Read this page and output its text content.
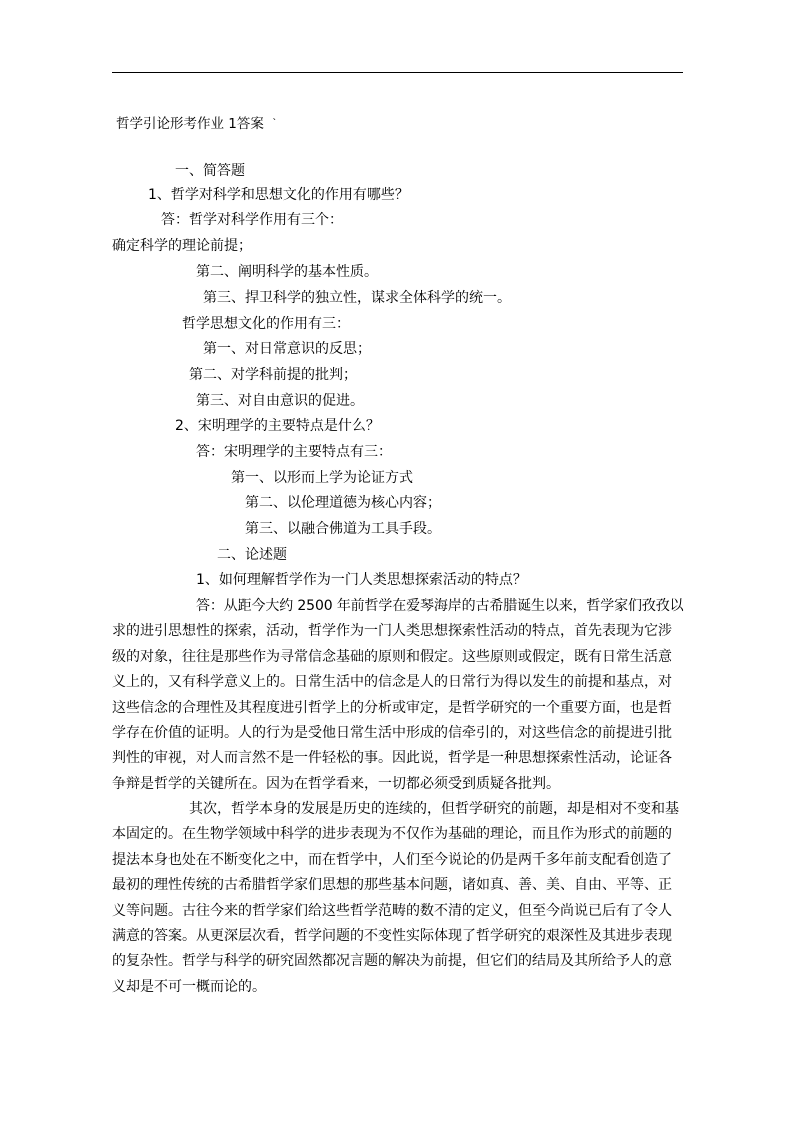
哲学引论形考作业 1答案 `
一、简答题
1、哲学对科学和思想文化的作用有哪些？
答：哲学对科学作用有三个：
确定科学的理论前提；
第二、阐明科学的基本性质。
第三、捍卫科学的独立性，谋求全体科学的统一。
哲学思想文化的作用有三：
第一、对日常意识的反思；
第二、对学科前提的批判；
第三、对自由意识的促进。
2、宋明理学的主要特点是什么？
答：宋明理学的主要特点有三：
第一、以形而上学为论证方式
第二、以伦理道德为核心内容；
第三、以融合佛道为工具手段。
二、论述题
1、如何理解哲学作为一门人类思想探索活动的特点？
答：从距今大约 2500 年前哲学在爱琴海岸的古希腊诞生以来，哲学家们孜孜以
求的进引思想性的探索，活动，哲学作为一门人类思想探索性活动的特点，首先表现为它涉
级的对象，往往是那些作为寻常信念基础的原则和假定。这些原则或假定，既有日常生活意
义上的，又有科学意义上的。日常生活中的信念是人的日常行为得以发生的前提和基点，对
这些信念的合理性及其程度进引哲学上的分析或审定，是哲学研究的一个重要方面，也是哲
学存在价值的证明。人的行为是受他日常生活中形成的信牵引的，对这些信念的前提进引批
判性的审视，对人而言然不是一件轻松的事。因此说，哲学是一种思想探索性活动，论证各
争辩是哲学的关键所在。因为在哲学看来，一切都必须受到质疑各批判。
其次，哲学本身的发展是历史的连续的，但哲学研究的前题，却是相对不变和基
本固定的。在生物学领域中科学的进步表现为不仅作为基础的理论，而且作为形式的前题的
提法本身也处在不断变化之中，而在哲学中，人们至今说论的仍是两千多年前支配看创造了
最初的理性传统的古希腊哲学家们思想的那些基本问题，诸如真、善、美、自由、平等、正
义等问题。古往今来的哲学家们给这些哲学范畴的数不清的定义，但至今尚说已后有了令人
满意的答案。从更深层次看，哲学问题的不变性实际体现了哲学研究的艰深性及其进步表现
的复杂性。哲学与科学的研究固然都况言题的解决为前提，但它们的结局及其所给予人的意
义却是不可一概而论的。
